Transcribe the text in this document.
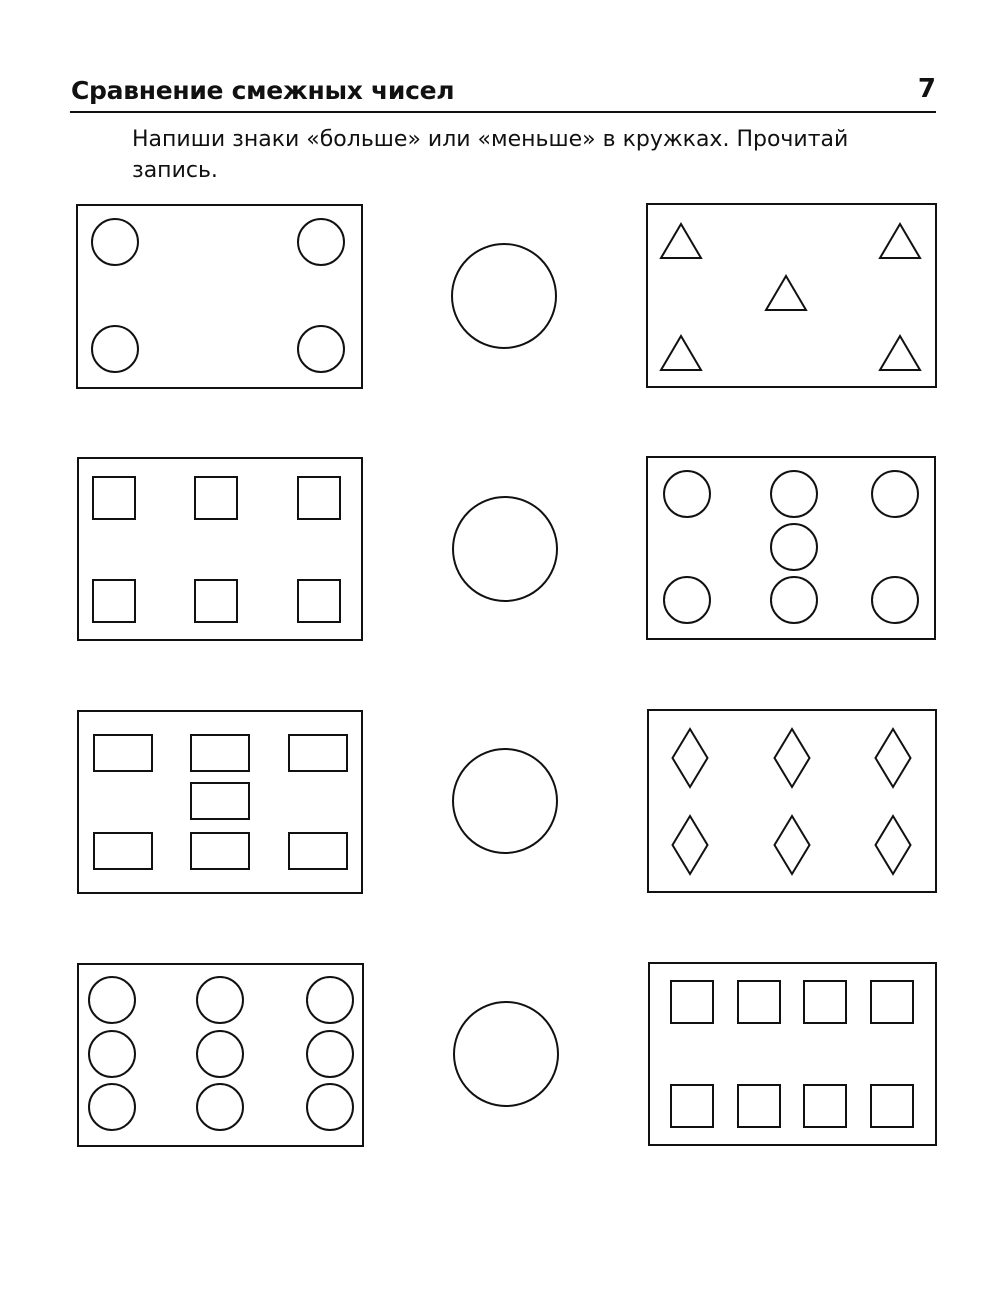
Сравнение смежных чисел	7
Напиши знаки «больше» или «меньше» в кружках. Прочитай
запись.
